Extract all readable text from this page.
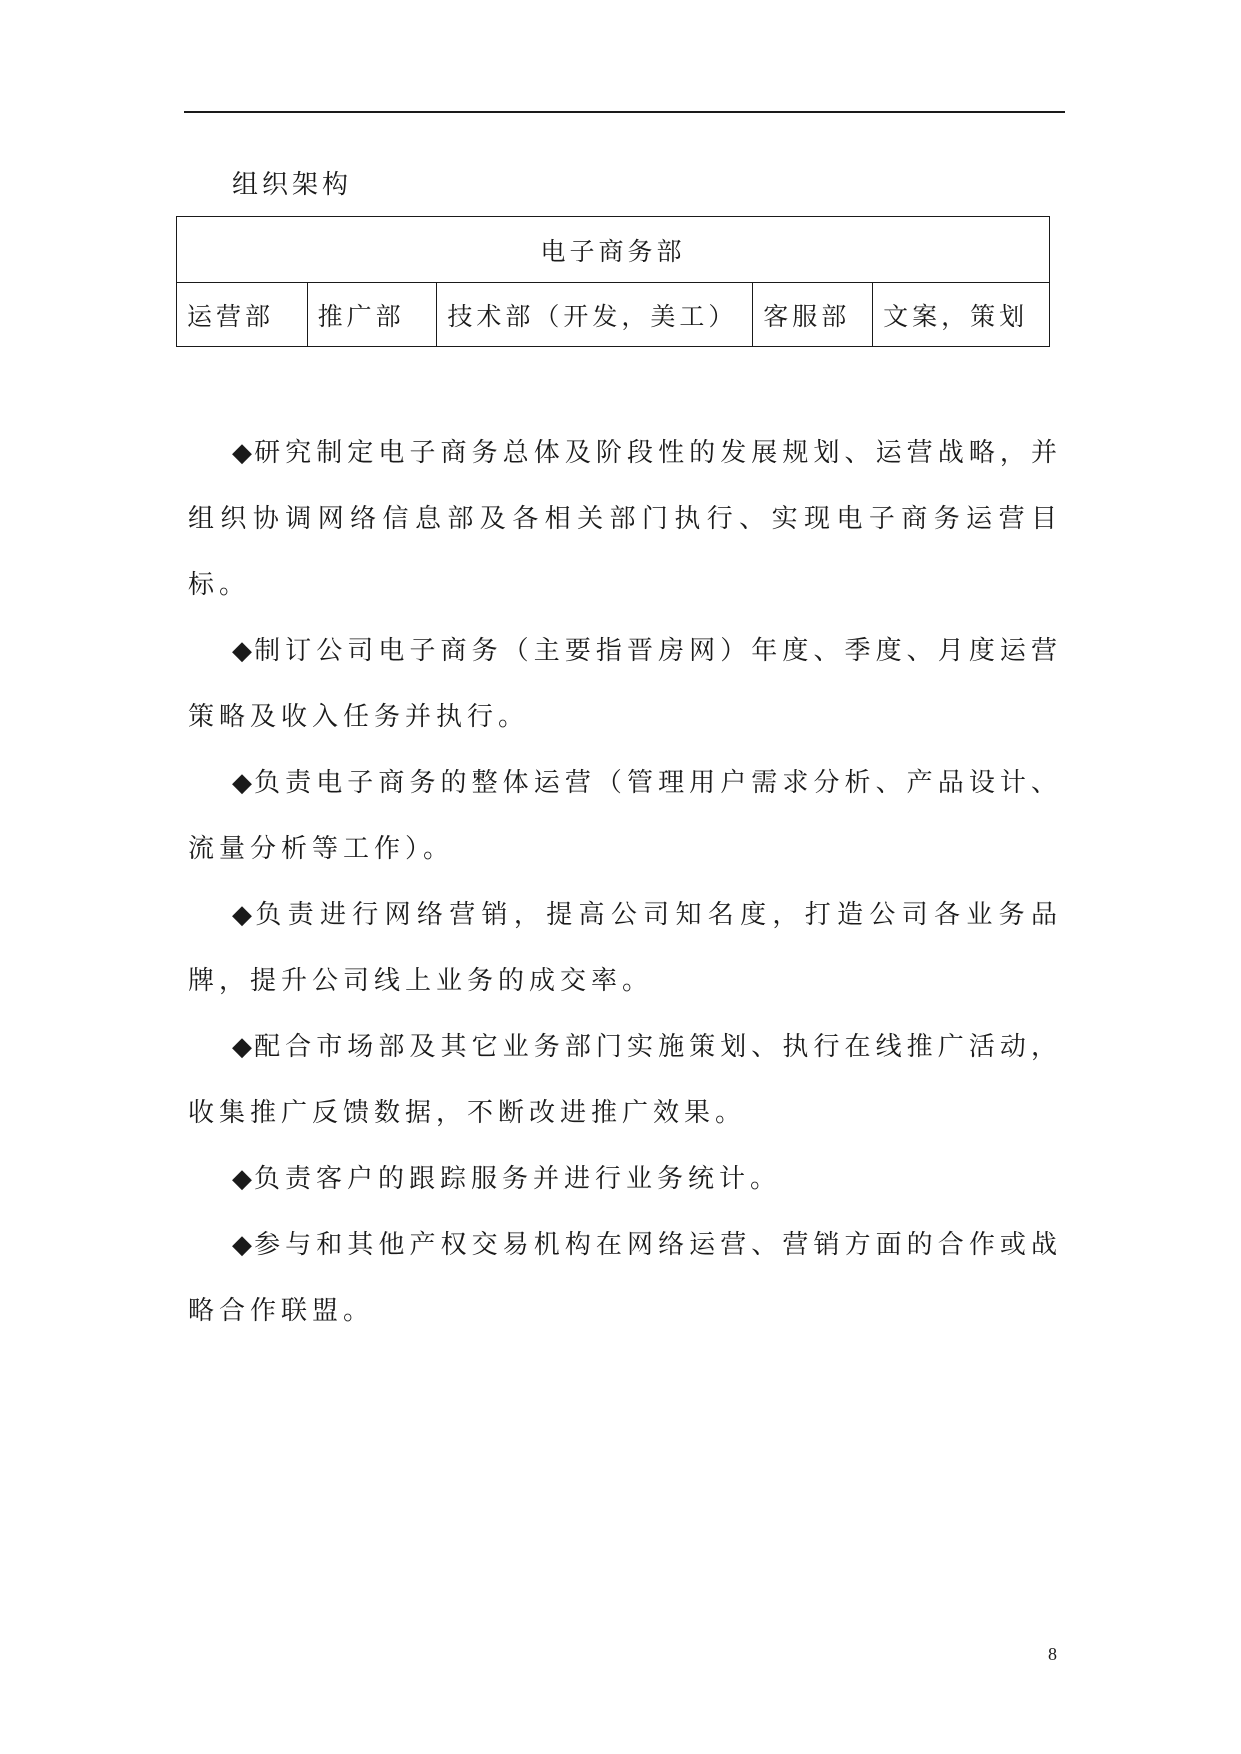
组织架构
电子商务部
运营部	推广部	技术部（开发，美工）	客服部	文案，策划
◆研究制定电子商务总体及阶段性的发展规划、运营战略，并组织协调网络信息部及各相关部门执行、实现电子商务运营目标。
◆制订公司电子商务（主要指晋房网）年度、季度、月度运营策略及收入任务并执行。
◆负责电子商务的整体运营（管理用户需求分析、产品设计、流量分析等工作）。
◆负责进行网络营销，提高公司知名度，打造公司各业务品牌，提升公司线上业务的成交率。
◆配合市场部及其它业务部门实施策划、执行在线推广活动，收集推广反馈数据，不断改进推广效果。
◆负责客户的跟踪服务并进行业务统计。
◆参与和其他产权交易机构在网络运营、营销方面的合作或战略合作联盟。
8
